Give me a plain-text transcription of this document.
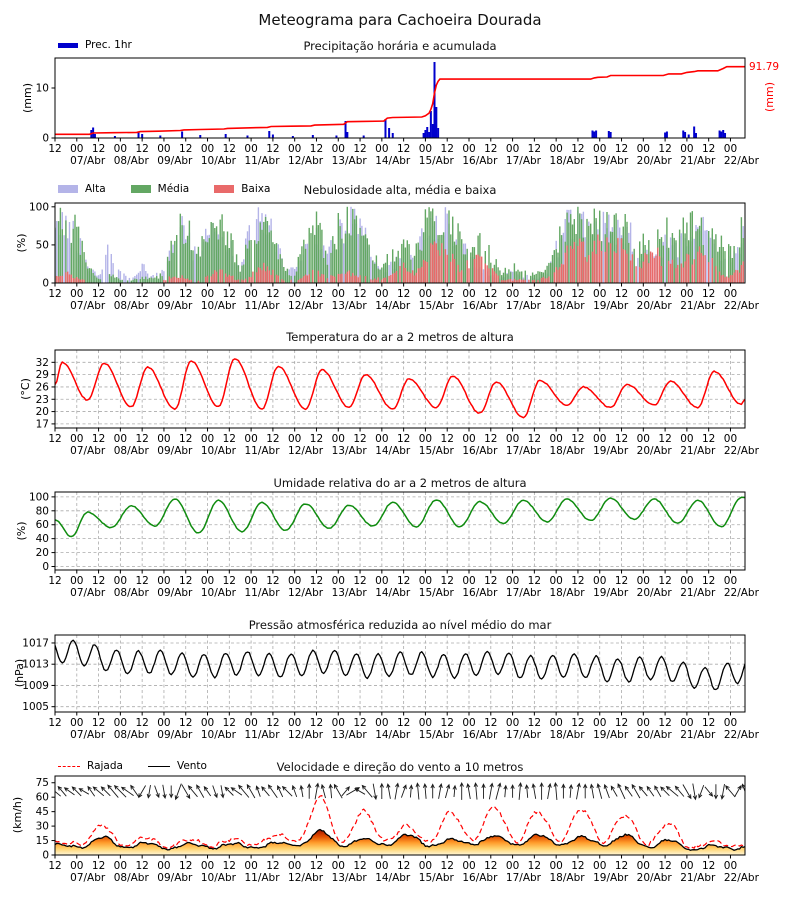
0
10
12 00 12 00 12 00 12 00 12 00 12 00 12 00 12 00 12 00 12 00 12 00 12 00 12 00 12 00 12 00 12 00
07/Abr 08/Abr 09/Abr 10/Abr 11/Abr 12/Abr 13/Abr 14/Abr 15/Abr 16/Abr 17/Abr 18/Abr 19/Abr 20/Abr 21/Abr 22/Abr
0
50
100
12 00 12 00 12 00 12 00 12 00 12 00 12 00 12 00 12 00 12 00 12 00 12 00 12 00 12 00 12 00 12 00
07/Abr 08/Abr 09/Abr 10/Abr 11/Abr 12/Abr 13/Abr 14/Abr 15/Abr 16/Abr 17/Abr 18/Abr 19/Abr 20/Abr 21/Abr 22/Abr
17
20
23
26
29
32
12 00 12 00 12 00 12 00 12 00 12 00 12 00 12 00 12 00 12 00 12 00 12 00 12 00 12 00 12 00 12 00
07/Abr 08/Abr 09/Abr 10/Abr 11/Abr 12/Abr 13/Abr 14/Abr 15/Abr 16/Abr 17/Abr 18/Abr 19/Abr 20/Abr 21/Abr 22/Abr
0
20
40
60
80
100
12 00 12 00 12 00 12 00 12 00 12 00 12 00 12 00 12 00 12 00 12 00 12 00 12 00 12 00 12 00 12 00
07/Abr 08/Abr 09/Abr 10/Abr 11/Abr 12/Abr 13/Abr 14/Abr 15/Abr 16/Abr 17/Abr 18/Abr 19/Abr 20/Abr 21/Abr 22/Abr
1005
1009
1013
1017
12 00 12 00 12 00 12 00 12 00 12 00 12 00 12 00 12 00 12 00 12 00 12 00 12 00 12 00 12 00 12 00
07/Abr 08/Abr 09/Abr 10/Abr 11/Abr 12/Abr 13/Abr 14/Abr 15/Abr 16/Abr 17/Abr 18/Abr 19/Abr 20/Abr 21/Abr 22/Abr
0
15
30
45
60
75
12 00 12 00 12 00 12 00 12 00 12 00 12 00 12 00 12 00 12 00 12 00 12 00 12 00 12 00 12 00 12 00
07/Abr 08/Abr 09/Abr 10/Abr 11/Abr 12/Abr 13/Abr 14/Abr 15/Abr 16/Abr 17/Abr 18/Abr 19/Abr 20/Abr 21/Abr 22/Abr
Meteograma para Cachoeira Dourada
Prec. 1hr	Precipitação horária e acumulada
(mm)
91.79
(mm)
Alta	Média	Baixa	Nebulosidade alta, média e baixa
(%)
Temperatura do ar a 2 metros de altura
(°C)
Umidade relativa do ar a 2 metros de altura
(%)
Pressão atmosférica reduzida ao nível médio do mar
(hPa)
Rajada	Vento	Velocidade e direção do vento a 10 metros
(km/h)
